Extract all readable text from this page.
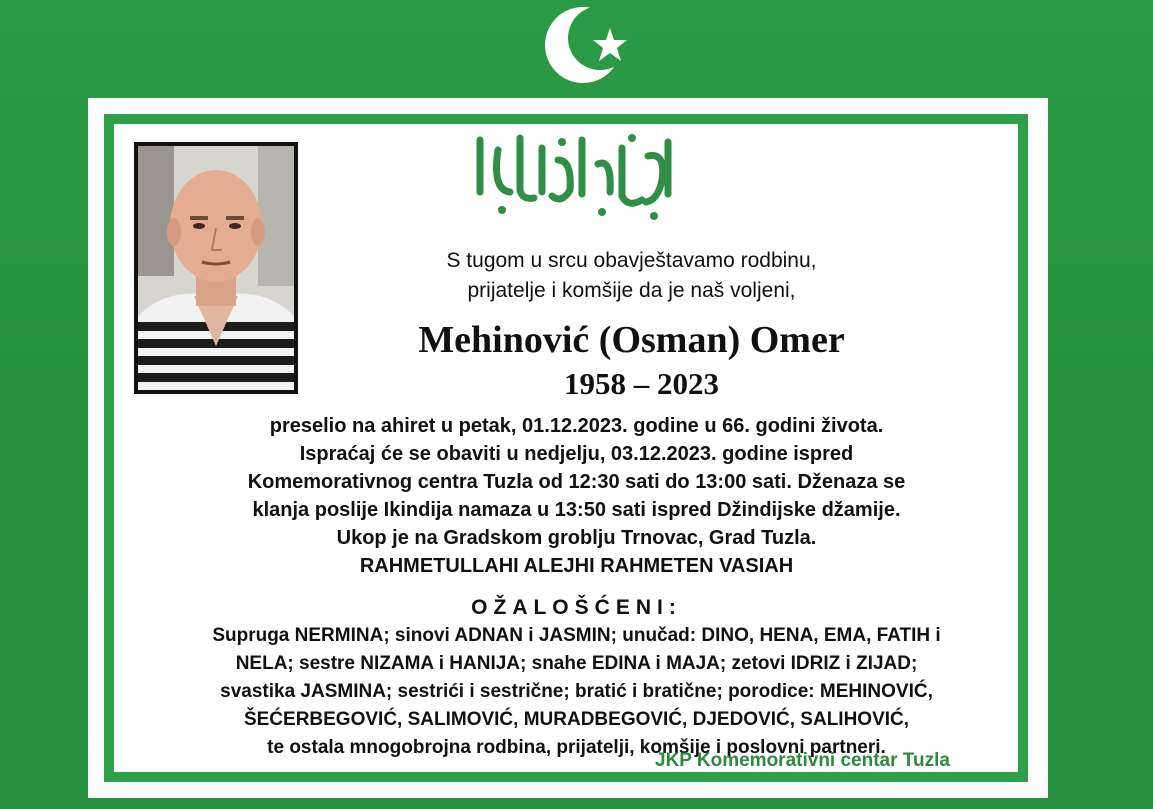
S tugom u srcu obavještavamo rodbinu,
prijatelje i komšije da je naš voljeni,
Mehinović (Osman) Omer
1958 – 2023
preselio na ahiret u petak, 01.12.2023. godine u 66. godini života.
Ispraćaj će se obaviti u nedjelju, 03.12.2023. godine ispred
Komemorativnog centra Tuzla od 12:30 sati do 13:00 sati. Dženaza se
klanja poslije Ikindija namaza u 13:50 sati ispred Džindijske džamije.
Ukop je na Gradskom groblju Trnovac, Grad Tuzla.
RAHMETULLAHI ALEJHI RAHMETEN VASIAH
OŽALOŠĆENI:
Supruga NERMINA; sinovi ADNAN i JASMIN; unučad: DINO, HENA, EMA, FATIH i
NELA; sestre NIZAMA i HANIJA; snahe EDINA i MAJA; zetovi IDRIZ i ZIJAD;
svastika JASMINA; sestrići i sestrične; bratić i bratične; porodice: MEHINOVIĆ,
ŠEĆERBEGOVIĆ, SALIMOVIĆ, MURADBEGOVIĆ, DJEDOVIĆ, SALIHOVIĆ,
te ostala mnogobrojna rodbina, prijatelji, komšije i poslovni partneri.
JKP Komemorativni centar Tuzla
